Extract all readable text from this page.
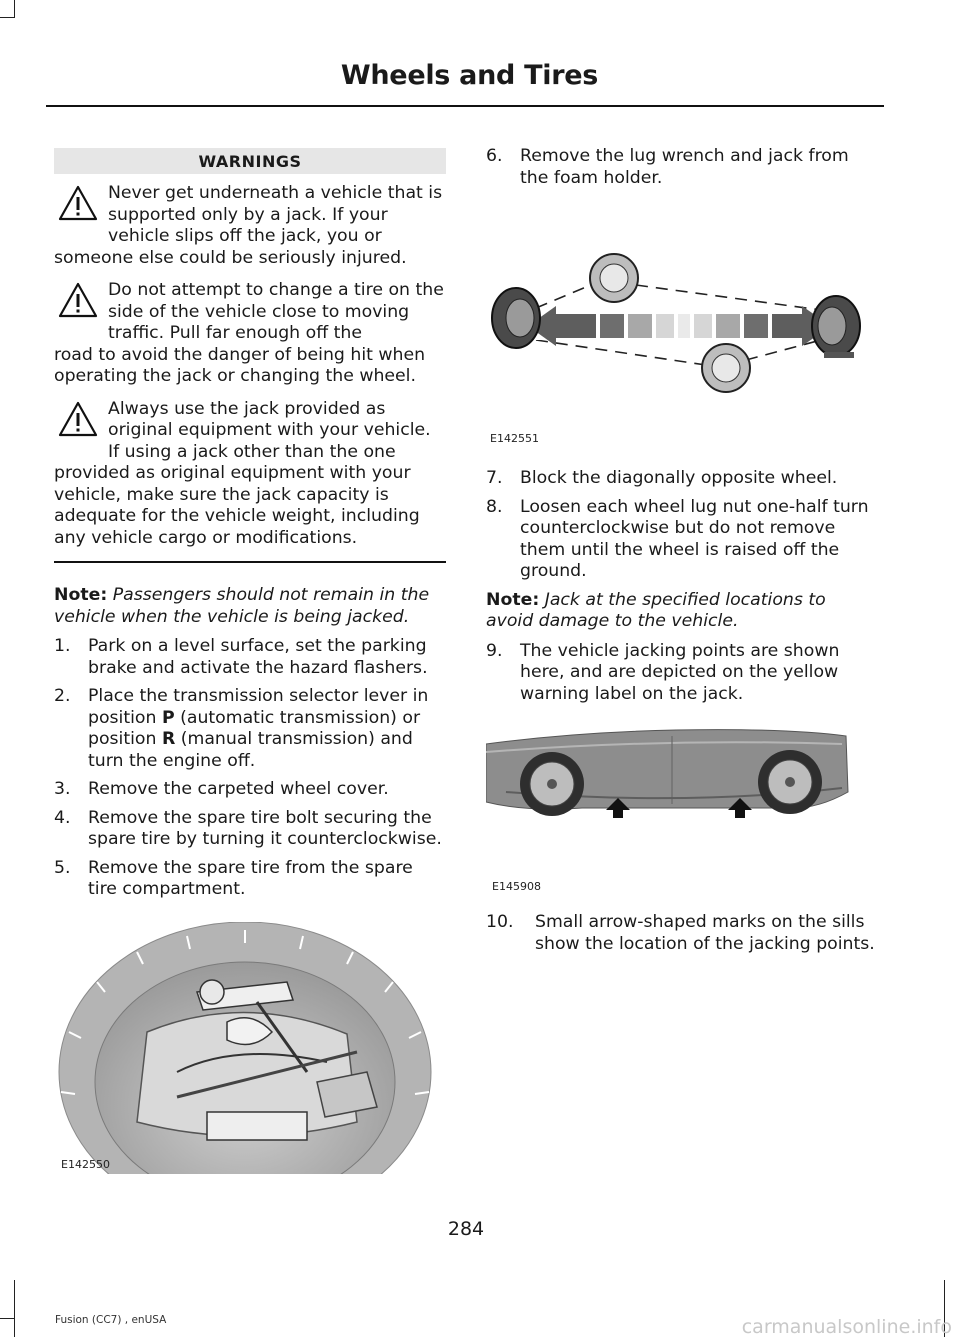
Wheels and Tires
WARNINGS

Never get underneath a vehicle that is supported only by a jack. If your vehicle slips off the jack, you or

someone else could be seriously injured.

Do not attempt to change a tire on the side of the vehicle close to moving traffic. Pull far enough off the

road to avoid the danger of being hit when operating the jack or changing the wheel.

Always use the jack provided as original equipment with your vehicle. If using a jack other than the one

provided as original equipment with your vehicle, make sure the jack capacity is adequate for the vehicle weight, including any vehicle cargo or modifications.

Note: Passengers should not remain in the vehicle when the vehicle is being jacked.

1. Park on a level surface, set the parking brake and activate the hazard flashers.
2. Place the transmission selector lever in position P (automatic transmission) or position R (manual transmission) and turn the engine off.
3. Remove the carpeted wheel cover.
4. Remove the spare tire bolt securing the spare tire by turning it counterclockwise.
5. Remove the spare tire from the spare tire compartment.
E142550
6. Remove the lug wrench and jack from the foam holder.
E142551
7. Block the diagonally opposite wheel.
8. Loosen each wheel lug nut one-half turn counterclockwise but do not remove them until the wheel is raised off the ground.

Note: Jack at the specified locations to avoid damage to the vehicle.

9. The vehicle jacking points are shown here, and are depicted on the yellow warning label on the jack.
E145908
10. Small arrow-shaped marks on the sills show the location of the jacking points.
284
Fusion (CC7) , enUSA	carmanualsonline.info
